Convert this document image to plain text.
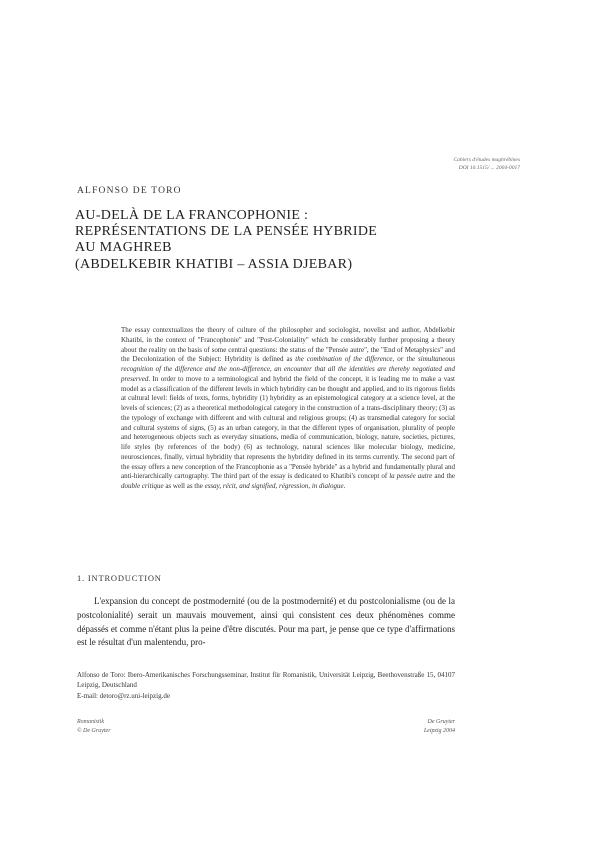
Cahiers d'études maghrébines
DOI 10.1515/ ... 2004-0017
ALFONSO DE TORO
AU-DELÀ DE LA FRANCOPHONIE :
REPRÉSENTATIONS DE LA PENSÉE HYBRIDE
AU MAGHREB
(ABDELKEBIR KHATIBI – ASSIA DJEBAR)
The essay contextualizes the theory of culture of the philosopher and sociologist, novelist and author, Abdelkebir Khatibi, in the context of "Francophonie" and "Post-Coloniality" which he considerably further proposing a theory about the reality on the basis of some central questions: the status of the "Pensée autre", the "End of Metaphysics" and the Decolonization of the Subject: Hybridity is defined as the combination of the difference, or the simultaneous recognition of the difference and the non-difference, an encounter that all the identities are thereby negotiated and preserved. In order to move to a terminological and hybrid the field of the concept, it is leading me to make a vast model as a classification of the different levels in which hybridity can be thought and applied, and to its rigorous fields at cultural level: fields of texts, forms, hybridity (1) hybridity as an epistemological category at a science level, at the levels of sciences; (2) as a theoretical methodological category in the construction of a trans-disciplinary theory; (3) as the typology of exchange with different and with cultural and religious groups; (4) as transmedial category for social and cultural systems of signs, (5) as an urban category, in that the different types of organisation, plurality of people and heterogeneous objects such as everyday situations, media of communication, biology, nature, societies, pictures, life styles (by references of the body) (6) as technology, natural sciences like molecular biology, medicine, neurosciences, finally, virtual hybridity that represents the hybridity defined in its terms currently. The second part of the essay offers a new conception of the Francophonie as a "Pensée hybride" as a hybrid and fundamentally plural and anti-hierarchically cartography. The third part of the essay is dedicated to Khatibi's concept of la pensée autre and the double critique as well as the essay, récit, and signified, régression, in dialogue.
1. INTRODUCTION
L'expansion du concept de postmodernité (ou de la postmodernité) et du postcolonialisme (ou de la postcolonialité) serait un mauvais mouvement, ainsi qui consistent ces deux phénomènes comme dépassés et comme n'étant plus la peine d'être discutés. Pour ma part, je pense que ce type d'affirmations est le résultat d'un malentendu, pro-
Alfonso de Toro: Ibero-Amerikanisches Forschungsseminar, Institut für Romanistik, Universität Leipzig, Beethovenstraße 15, 04107 Leipzig, Deutschland
E-mail: detoro@rz.uni-leipzig.de
Romanistik
© De Gruyter
De Gruyter
Leipzig 2004
